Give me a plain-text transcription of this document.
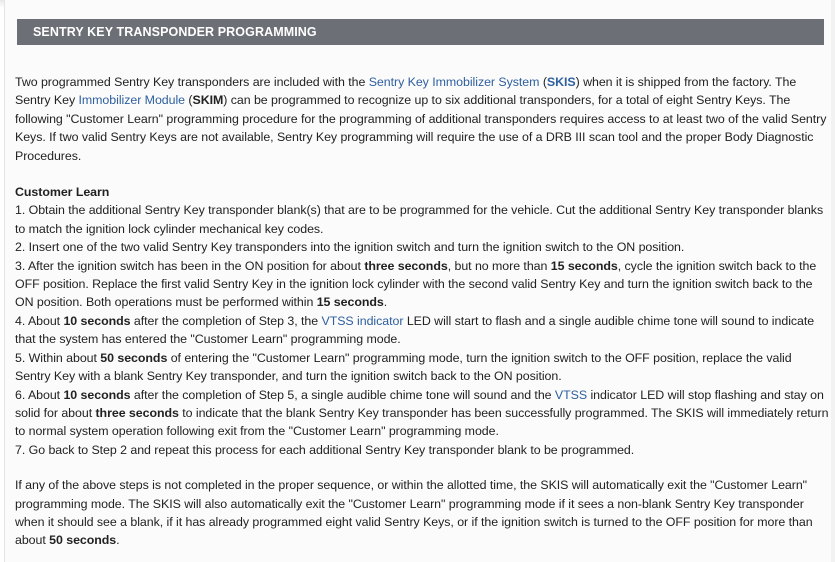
SENTRY KEY TRANSPONDER PROGRAMMING

Two programmed Sentry Key transponders are included with the Sentry Key Immobilizer System (SKIS) when it is shipped from the factory. The Sentry Key Immobilizer Module (SKIM) can be programmed to recognize up to six additional transponders, for a total of eight Sentry Keys. The following "Customer Learn" programming procedure for the programming of additional transponders requires access to at least two of the valid Sentry Keys. If two valid Sentry Keys are not available, Sentry Key programming will require the use of a DRB III scan tool and the proper Body Diagnostic Procedures.

Customer Learn

1. Obtain the additional Sentry Key transponder blank(s) that are to be programmed for the vehicle. Cut the additional Sentry Key transponder blanks to match the ignition lock cylinder mechanical key codes.

2. Insert one of the two valid Sentry Key transponders into the ignition switch and turn the ignition switch to the ON position.

3. After the ignition switch has been in the ON position for about three seconds, but no more than 15 seconds, cycle the ignition switch back to the OFF position. Replace the first valid Sentry Key in the ignition lock cylinder with the second valid Sentry Key and turn the ignition switch back to the ON position. Both operations must be performed within 15 seconds.

4. About 10 seconds after the completion of Step 3, the VTSS indicator LED will start to flash and a single audible chime tone will sound to indicate that the system has entered the "Customer Learn" programming mode.

5. Within about 50 seconds of entering the "Customer Learn" programming mode, turn the ignition switch to the OFF position, replace the valid Sentry Key with a blank Sentry Key transponder, and turn the ignition switch back to the ON position.

6. About 10 seconds after the completion of Step 5, a single audible chime tone will sound and the VTSS indicator LED will stop flashing and stay on solid for about three seconds to indicate that the blank Sentry Key transponder has been successfully programmed. The SKIS will immediately return to normal system operation following exit from the "Customer Learn" programming mode.

7. Go back to Step 2 and repeat this process for each additional Sentry Key transponder blank to be programmed.

If any of the above steps is not completed in the proper sequence, or within the allotted time, the SKIS will automatically exit the "Customer Learn" programming mode. The SKIS will also automatically exit the "Customer Learn" programming mode if it sees a non-blank Sentry Key transponder when it should see a blank, if it has already programmed eight valid Sentry Keys, or if the ignition switch is turned to the OFF position for more than about 50 seconds.
